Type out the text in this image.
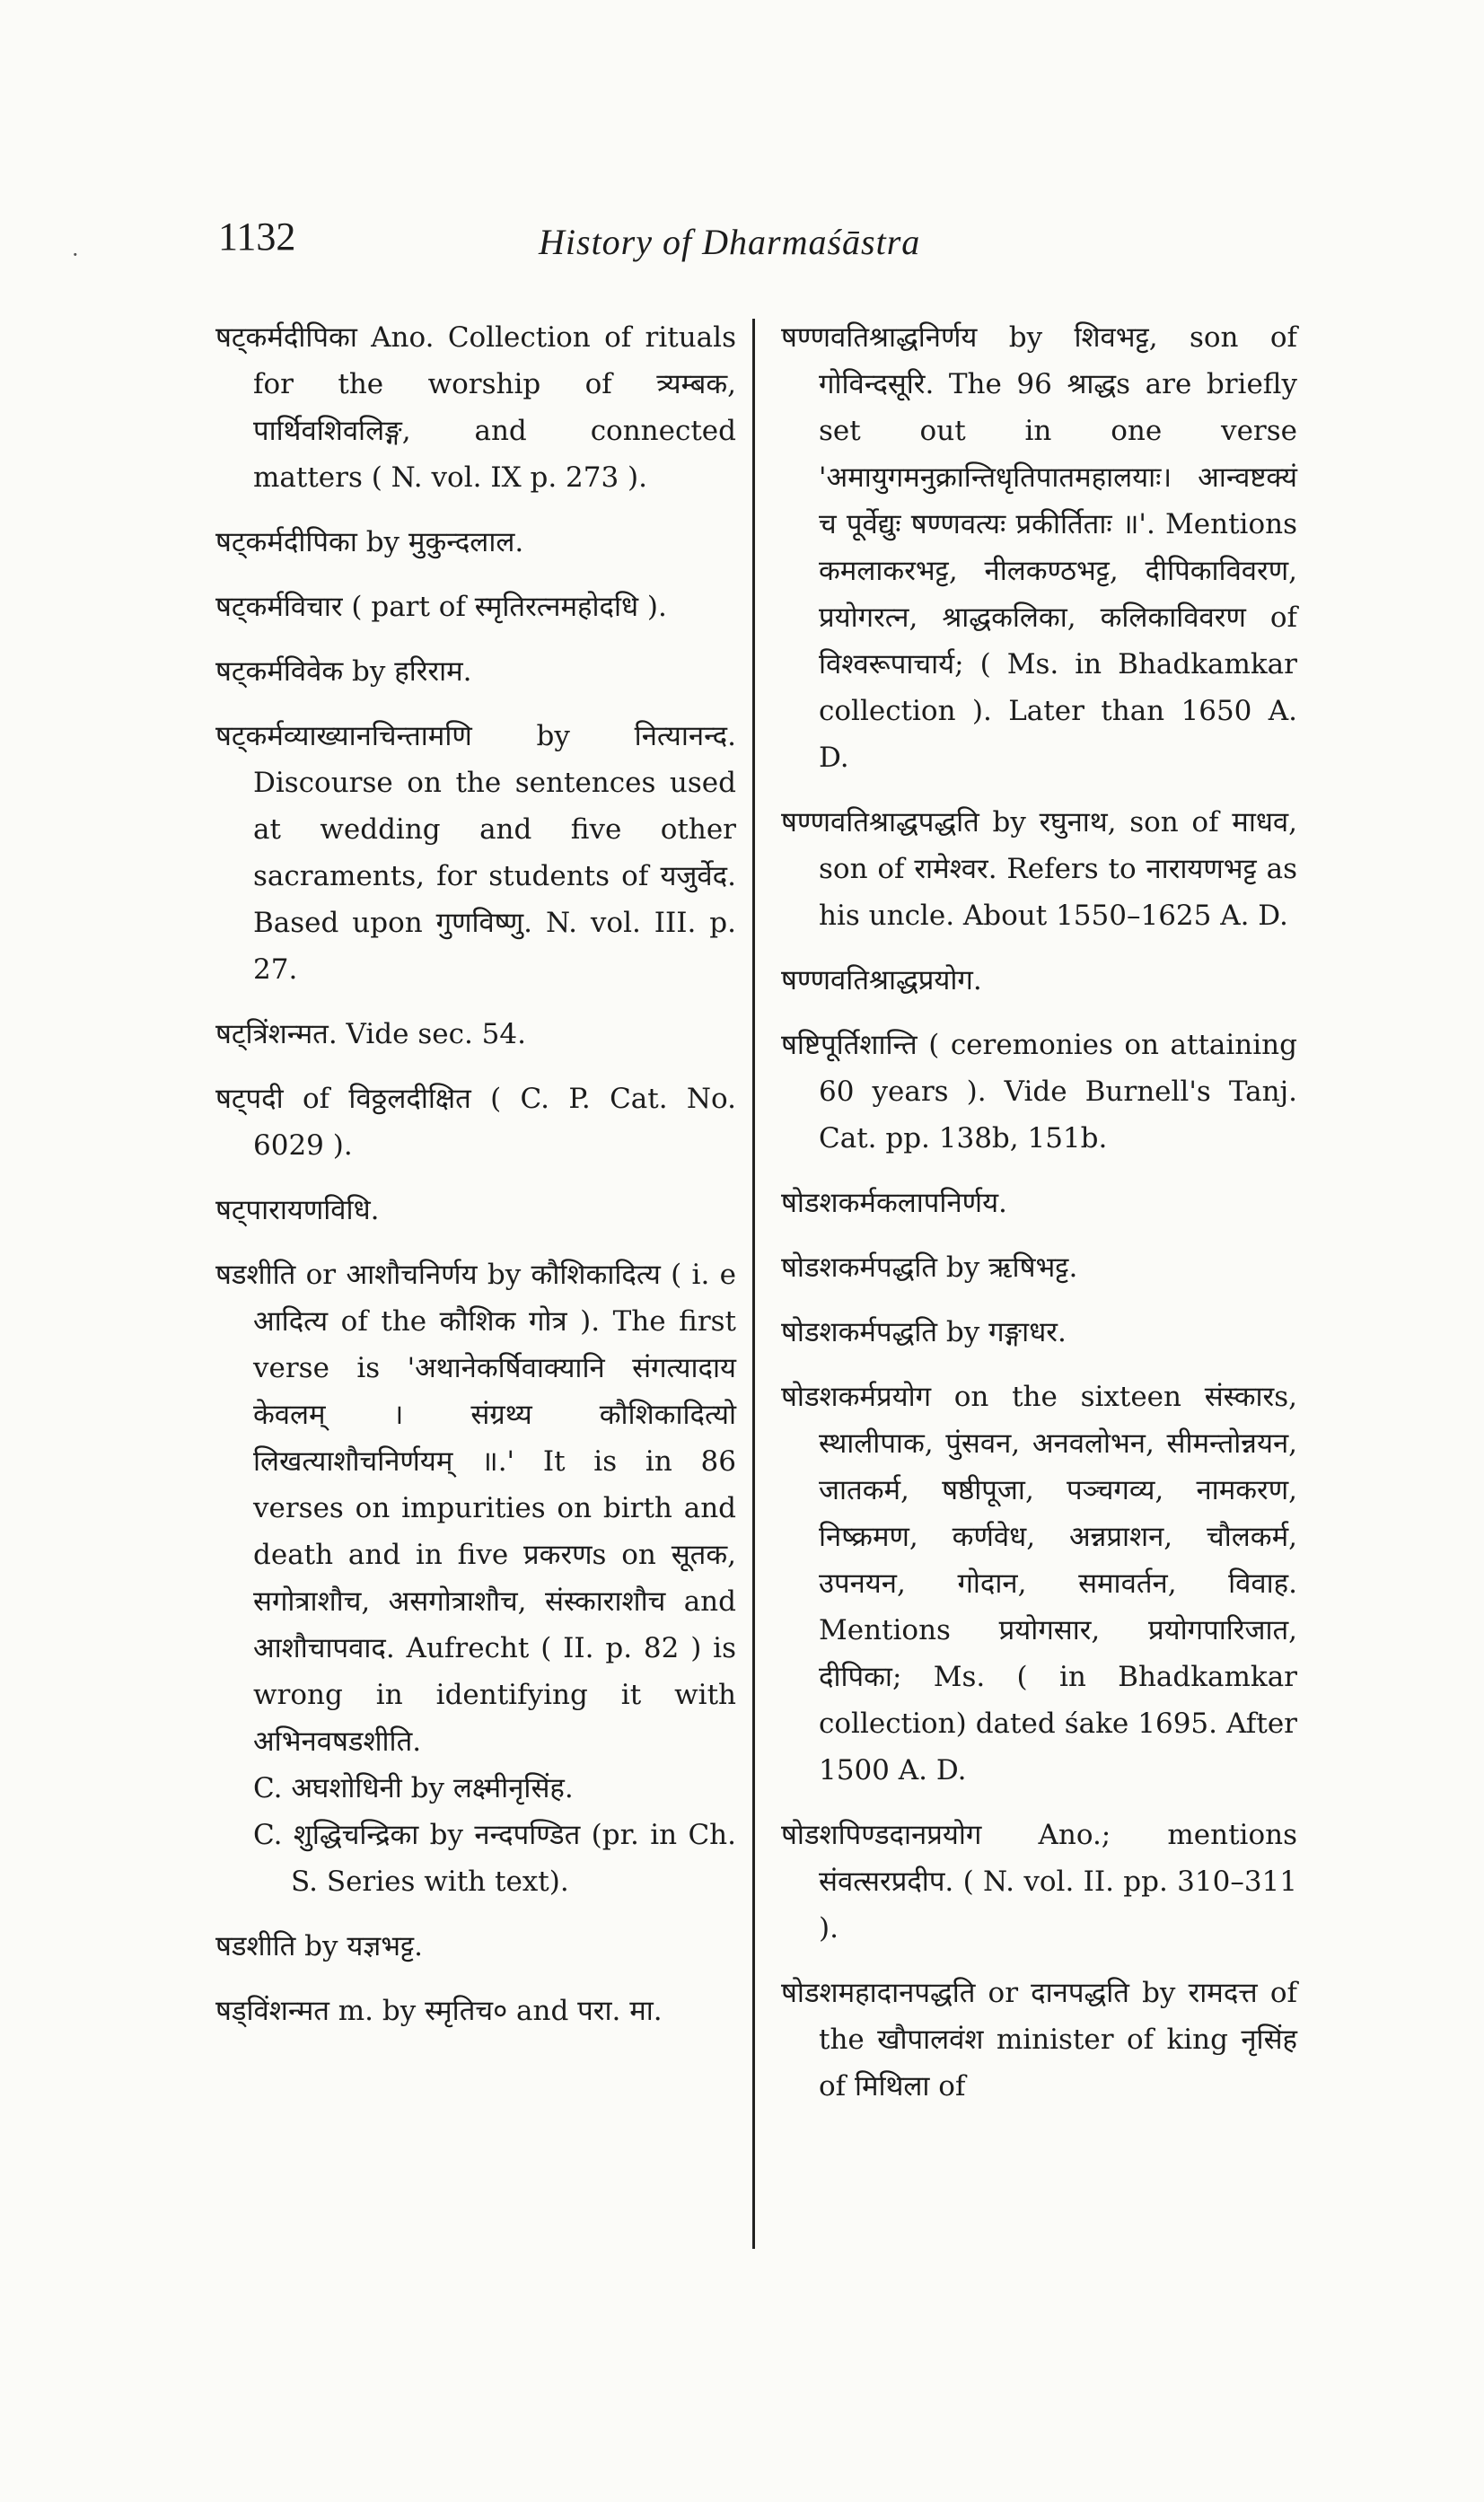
·	1132	History of Dharmaśāstra

षट्कर्मदीपिका Ano. Collection of rituals for the worship of त्र्यम्बक, पार्थिवशिवलिङ्ग, and connected matters ( N. vol. IX p. 273 ).

षट्कर्मदीपिका by मुकुन्दलाल.

षट्कर्मविचार ( part of स्मृतिरत्नमहोदधि ).

षट्कर्मविवेक by हरिराम.

षट्कर्मव्याख्यानचिन्तामणि by नित्यानन्द. Discourse on the sentences used at wedding and five other sacraments, for students of यजुर्वेद. Based upon गुणविष्णु. N. vol. III. p. 27.

षट्त्रिंशन्मत. Vide sec. 54.

षट्पदी of विठ्ठलदीक्षित ( C. P. Cat. No. 6029 ).

षट्पारायणविधि.

षडशीति or आशौचनिर्णय by कौशिकादित्य ( i. e आदित्य of the कौशिक गोत्र ). The first verse is 'अथानेकर्षिवाक्यानि संगत्यादाय केवलम् । संग्रथ्य कौशिकादित्यो लिखत्याशौचनिर्णयम् ॥.' It is in 86 verses on impurities on birth and death and in five प्रकरणs on सूतक, सगोत्राशौच, असगोत्राशौच, संस्काराशौच and आशौचापवाद. Aufrecht ( II. p. 82 ) is wrong in identifying it with अभिनवषडशीति.

C. अघशोधिनी by लक्ष्मीनृसिंह.

C. शुद्धिचन्द्रिका by नन्दपण्डित (pr. in Ch. S. Series with text).

षडशीति by यज्ञभट्ट.

षड्विंशन्मत m. by स्मृतिच० and परा. मा.

षण्णवतिश्राद्धनिर्णय by शिवभट्ट, son of गोविन्दसूरि. The 96 श्राद्धs are briefly set out in one verse 'अमायुगमनुक्रान्तिधृतिपातमहालयाः। आन्वष्टक्यं च पूर्वेद्युः षण्णवत्यः प्रकीर्तिताः ॥'. Mentions कमलाकरभट्ट, नीलकण्ठभट्ट, दीपिकाविवरण, प्रयोगरत्न, श्राद्धकलिका, कलिकाविवरण of विश्वरूपाचार्य; ( Ms. in Bhadkamkar collection ). Later than 1650 A. D.

षण्णवतिश्राद्धपद्धति by रघुनाथ, son of माधव, son of रामेश्वर. Refers to नारायणभट्ट as his uncle. About 1550–1625 A. D.

षण्णवतिश्राद्धप्रयोग.

षष्टिपूर्तिशान्ति ( ceremonies on attaining 60 years ). Vide Burnell's Tanj. Cat. pp. 138b, 151b.

षोडशकर्मकलापनिर्णय.

षोडशकर्मपद्धति by ऋषिभट्ट.

षोडशकर्मपद्धति by गङ्गाधर.

षोडशकर्मप्रयोग on the sixteen संस्कारs, स्थालीपाक, पुंसवन, अनवलोभन, सीमन्तोन्नयन, जातकर्म, षष्ठीपूजा, पञ्चगव्य, नामकरण, निष्क्रमण, कर्णवेध, अन्नप्राशन, चौलकर्म, उपनयन, गोदान, समावर्तन, विवाह. Mentions प्रयोगसार, प्रयोगपारिजात, दीपिका; Ms. ( in Bhadkamkar collection) dated śake 1695. After 1500 A. D.

षोडशपिण्डदानप्रयोग Ano.; mentions संवत्सरप्रदीप. ( N. vol. II. pp. 310–311 ).

षोडशमहादानपद्धति or दानपद्धति by रामदत्त of the खौपालवंश minister of king नृसिंह of मिथिला of
